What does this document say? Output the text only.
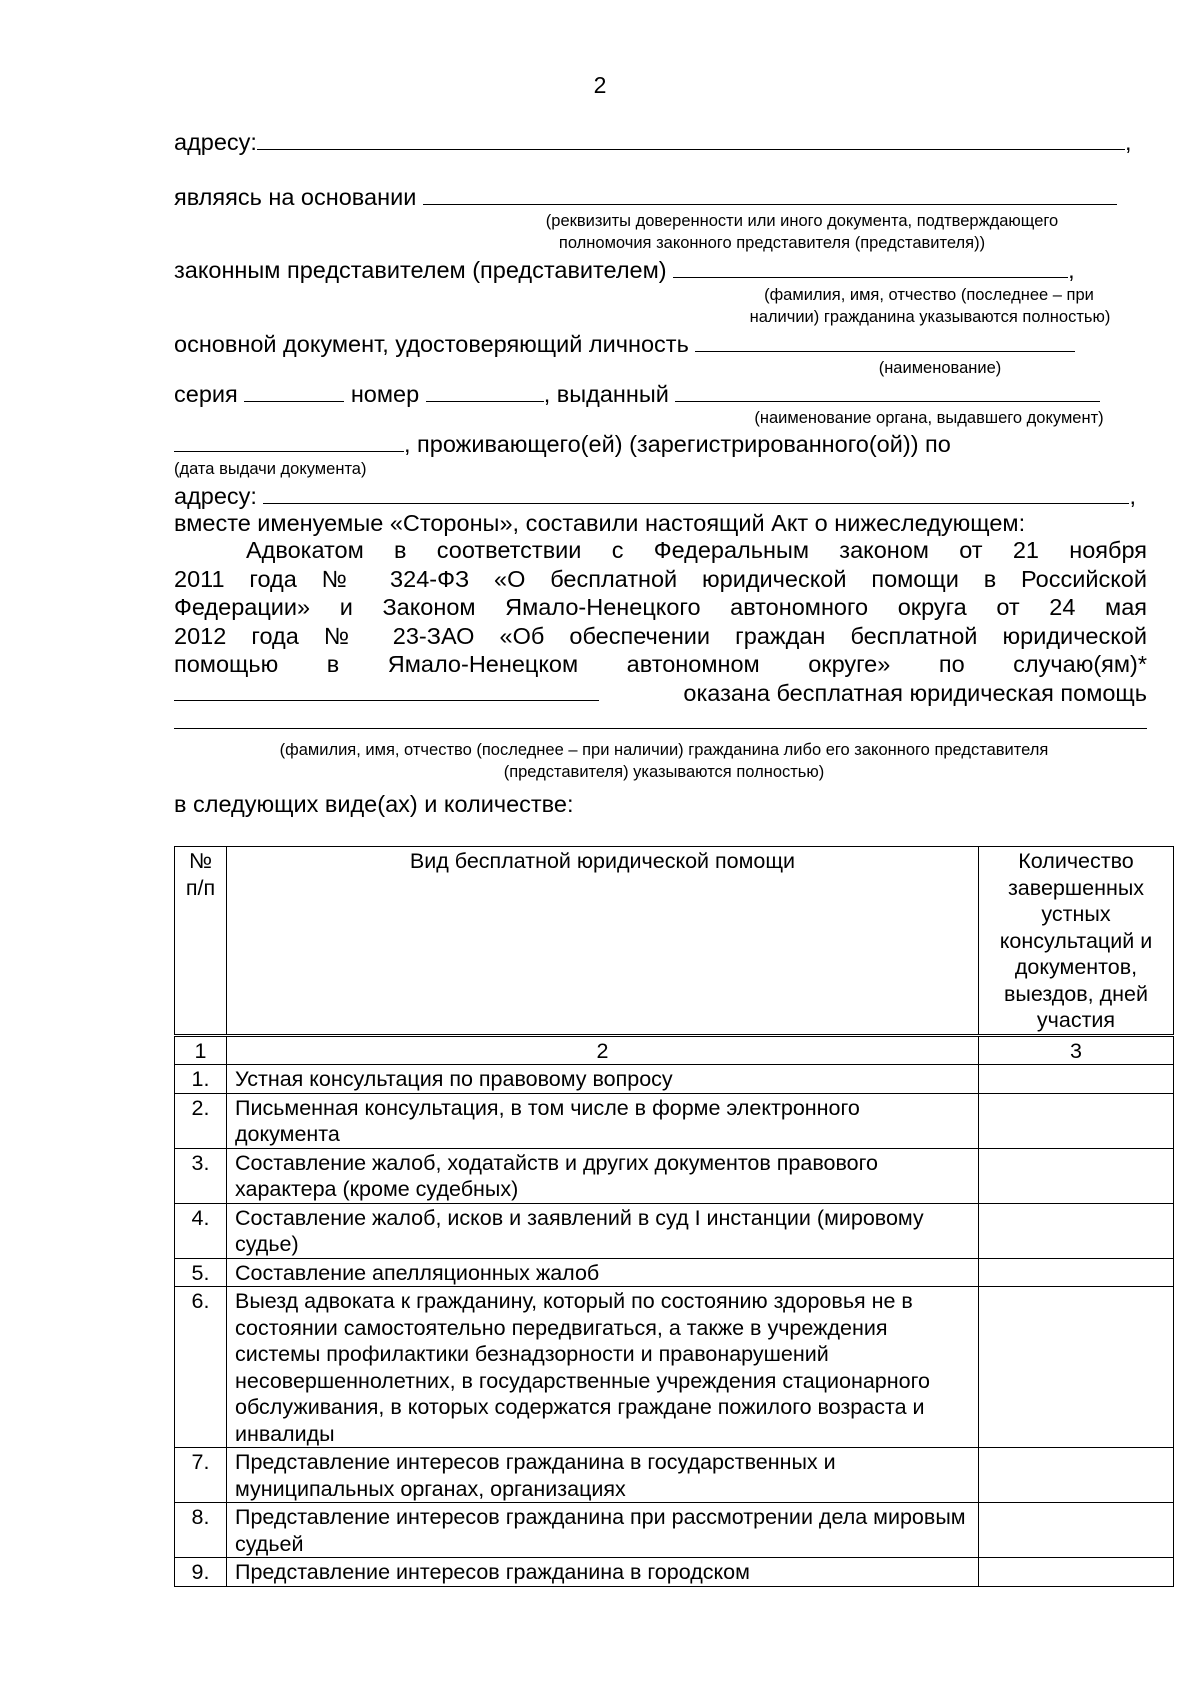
2
адресу:	,
являясь на основании
(реквизиты доверенности или иного документа, подтверждающего
полномочия законного представителя (представителя))
законным представителем (представителем)	,
(фамилия, имя, отчество (последнее – при
наличии) гражданина указываются полностью)
основной документ, удостоверяющий личность
(наименование)
серия	номер	, выданный
(наименование органа, выдавшего документ)
, проживающего(ей) (зарегистрированного(ой)) по
(дата выдачи документа)
адресу:	,
вместе именуемые «Стороны», составили настоящий Акт о нижеследующем:
Адвокатом в соответствии с Федеральным законом от 21 ноября
2011 года № 324-ФЗ «О бесплатной юридической помощи в Российской
Федерации» и Законом Ямало-Ненецкого автономного округа от 24 мая
2012 года № 23-ЗАО «Об обеспечении граждан бесплатной юридической
помощью в Ямало-Ненецком автономном округе» по случаю(ям)*
оказана бесплатная юридическая помощь
(фамилия, имя, отчество (последнее – при наличии) гражданина либо его законного представителя
(представителя) указываются полностью)
в следующих виде(ах) и количестве:
№ п/п	Вид бесплатной юридической помощи	Количество завершенных устных консультаций и документов, выездов, дней участия
1	2	3
1.	Устная консультация по правовому вопросу	
2.	Письменная консультация, в том числе в форме электронного документа	
3.	Составление жалоб, ходатайств и других документов правового характера (кроме судебных)	
4.	Составление жалоб, исков и заявлений в суд I инстанции (мировому судье)	
5.	Составление апелляционных жалоб	
6.	Выезд адвоката к гражданину, который по состоянию здоровья не в состоянии самостоятельно передвигаться, а также в учреждения системы профилактики безнадзорности и правонарушений несовершеннолетних, в государственные учреждения стационарного обслуживания, в которых содержатся граждане пожилого возраста и инвалиды	
7.	Представление интересов гражданина в государственных и муниципальных органах, организациях	
8.	Представление интересов гражданина при рассмотрении дела мировым судьей	
9.	Представление интересов гражданина в городском	
